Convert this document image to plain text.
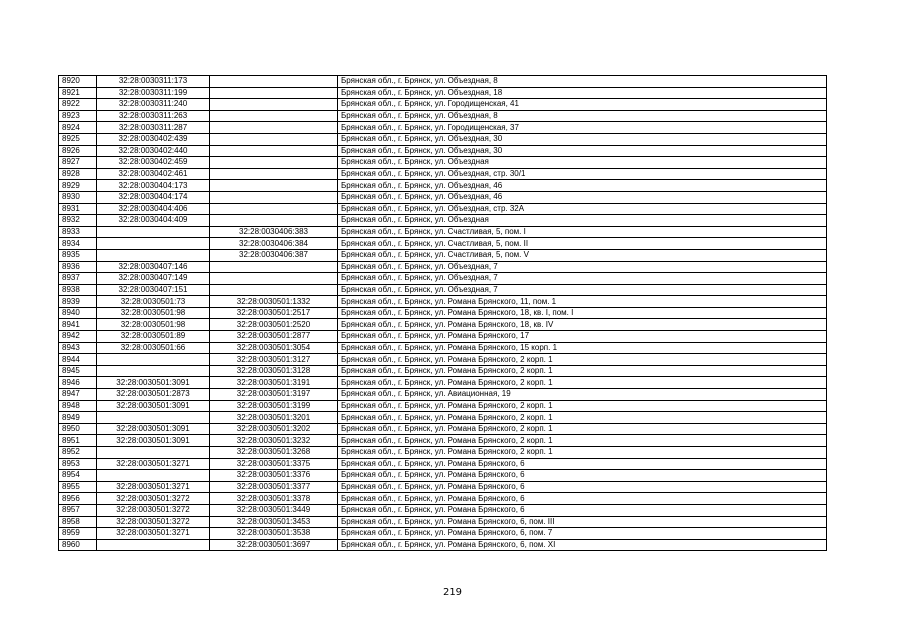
8920	32:28:0030311:173		Брянская обл., г. Брянск, ул. Объездная, 8
8921	32:28:0030311:199		Брянская обл., г. Брянск, ул. Объездная, 18
8922	32:28:0030311:240		Брянская обл., г. Брянск, ул. Городищенская, 41
8923	32:28:0030311:263		Брянская обл., г. Брянск, ул. Объездная, 8
8924	32:28:0030311:287		Брянская обл., г. Брянск, ул. Городищенская, 37
8925	32:28:0030402:439		Брянская обл., г. Брянск, ул. Объездная, 30
8926	32:28:0030402:440		Брянская обл., г. Брянск, ул. Объездная, 30
8927	32:28:0030402:459		Брянская обл., г. Брянск, ул. Объездная
8928	32:28:0030402:461		Брянская обл., г. Брянск, ул. Объездная, стр. 30/1
8929	32:28:0030404:173		Брянская обл., г. Брянск, ул. Объездная, 46
8930	32:28:0030404:174		Брянская обл., г. Брянск, ул. Объездная, 46
8931	32:28:0030404:406		Брянская обл., г. Брянск, ул. Объездная, стр. 32А
8932	32:28:0030404:409		Брянская обл., г. Брянск, ул. Объездная
8933		32:28:0030406:383	Брянская обл., г. Брянск, ул. Счастливая, 5, пом. I
8934		32:28:0030406:384	Брянская обл., г. Брянск, ул. Счастливая, 5, пом. II
8935		32:28:0030406:387	Брянская обл., г. Брянск, ул. Счастливая, 5, пом. V
8936	32:28:0030407:146		Брянская обл., г. Брянск, ул. Объездная, 7
8937	32:28:0030407:149		Брянская обл., г. Брянск, ул. Объездная, 7
8938	32:28:0030407:151		Брянская обл., г. Брянск, ул. Объездная, 7
8939	32:28:0030501:73	32:28:0030501:1332	Брянская обл., г. Брянск, ул. Романа Брянского, 11, пом. 1
8940	32:28:0030501:98	32:28:0030501:2517	Брянская обл., г. Брянск, ул. Романа Брянского, 18, кв. I, пом. I
8941	32:28:0030501:98	32:28:0030501:2520	Брянская обл., г. Брянск, ул. Романа Брянского, 18, кв. IV
8942	32:28:0030501:89	32:28:0030501:2877	Брянская обл., г. Брянск, ул. Романа Брянского, 17
8943	32:28:0030501:66	32:28:0030501:3054	Брянская обл., г. Брянск, ул. Романа Брянского, 15 корп. 1
8944		32:28:0030501:3127	Брянская обл., г. Брянск, ул. Романа Брянского, 2 корп. 1
8945		32:28:0030501:3128	Брянская обл., г. Брянск, ул. Романа Брянского, 2 корп. 1
8946	32:28:0030501:3091	32:28:0030501:3191	Брянская обл., г. Брянск, ул. Романа Брянского, 2 корп. 1
8947	32:28:0030501:2873	32:28:0030501:3197	Брянская обл., г. Брянск, ул. Авиационная, 19
8948	32:28:0030501:3091	32:28:0030501:3199	Брянская обл., г. Брянск, ул. Романа Брянского, 2 корп. 1
8949		32:28:0030501:3201	Брянская обл., г. Брянск, ул. Романа Брянского, 2 корп. 1
8950	32:28:0030501:3091	32:28:0030501:3202	Брянская обл., г. Брянск, ул. Романа Брянского, 2 корп. 1
8951	32:28:0030501:3091	32:28:0030501:3232	Брянская обл., г. Брянск, ул. Романа Брянского, 2 корп. 1
8952		32:28:0030501:3268	Брянская обл., г. Брянск, ул. Романа Брянского, 2 корп. 1
8953	32:28:0030501:3271	32:28:0030501:3375	Брянская обл., г. Брянск, ул. Романа Брянского, 6
8954		32:28:0030501:3376	Брянская обл., г. Брянск, ул. Романа Брянского, 6
8955	32:28:0030501:3271	32:28:0030501:3377	Брянская обл., г. Брянск, ул. Романа Брянского, 6
8956	32:28:0030501:3272	32:28:0030501:3378	Брянская обл., г. Брянск, ул. Романа Брянского, 6
8957	32:28:0030501:3272	32:28:0030501:3449	Брянская обл., г. Брянск, ул. Романа Брянского, 6
8958	32:28:0030501:3272	32:28:0030501:3453	Брянская обл., г. Брянск, ул. Романа Брянского, 6, пом. III
8959	32:28:0030501:3271	32:28:0030501:3538	Брянская обл., г. Брянск, ул. Романа Брянского, 6, пом. 7
8960		32:28:0030501:3697	Брянская обл., г. Брянск, ул. Романа Брянского, 6, пом. XI
219
